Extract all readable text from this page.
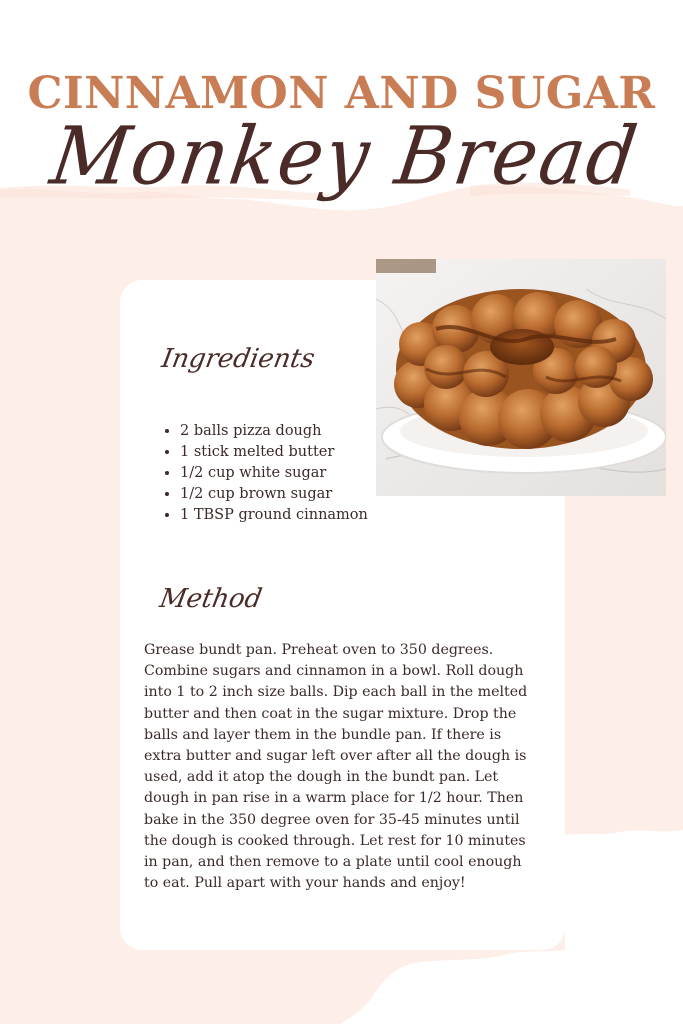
CINNAMON AND SUGAR
Monkey Bread
Ingredients
• 2 balls pizza dough
• 1 stick melted butter
• 1/2 cup white sugar
• 1/2 cup brown sugar
• 1 TBSP ground cinnamon
Method

Grease bundt pan. Preheat oven to 350 degrees. Combine sugars and cinnamon in a bowl. Roll dough into 1 to 2 inch size balls. Dip each ball in the melted butter and then coat in the sugar mixture. Drop the balls and layer them in the bundle pan. If there is extra butter and sugar left over after all the dough is used, add it atop the dough in the bundt pan. Let dough in pan rise in a warm place for 1/2 hour. Then bake in the 350 degree oven for 35-45 minutes until the dough is cooked through. Let rest for 10 minutes in pan, and then remove to a plate until cool enough to eat. Pull apart with your hands and enjoy!
